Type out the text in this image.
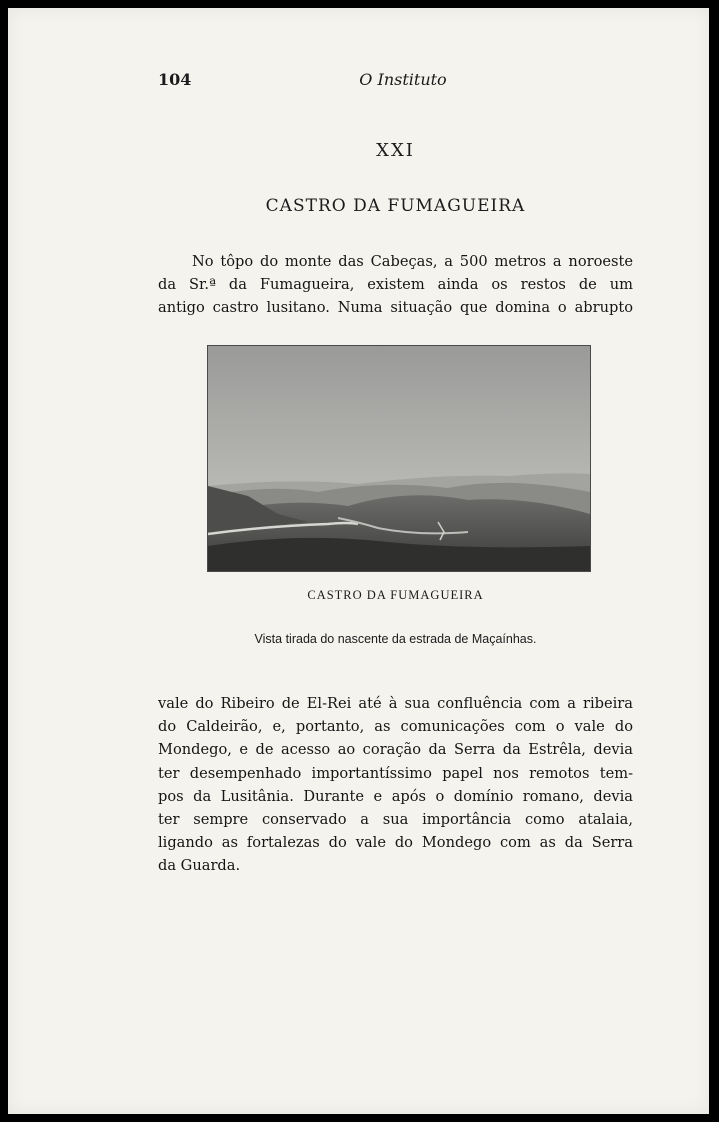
104	O Instituto
XXI
CASTRO DA FUMAGUEIRA
No tôpo do monte das Cabeças, a 500 metros a noroeste
da Sr.ª da Fumagueira, existem ainda os restos de um
antigo castro lusitano. Numa situação que domina o abrupto
CASTRO DA FUMAGUEIRA
Vista tirada do nascente da estrada de Maçaínhas.
vale do Ribeiro de El-Rei até à sua confluência com a ribeira
do Caldeirão, e, portanto, as comunicações com o vale do
Mondego, e de acesso ao coração da Serra da Estrêla, devia
ter desempenhado importantíssimo papel nos remotos tem-
pos da Lusitânia. Durante e após o domínio romano, devia
ter sempre conservado a sua importância como atalaia,
ligando as fortalezas do vale do Mondego com as da Serra
da Guarda.
